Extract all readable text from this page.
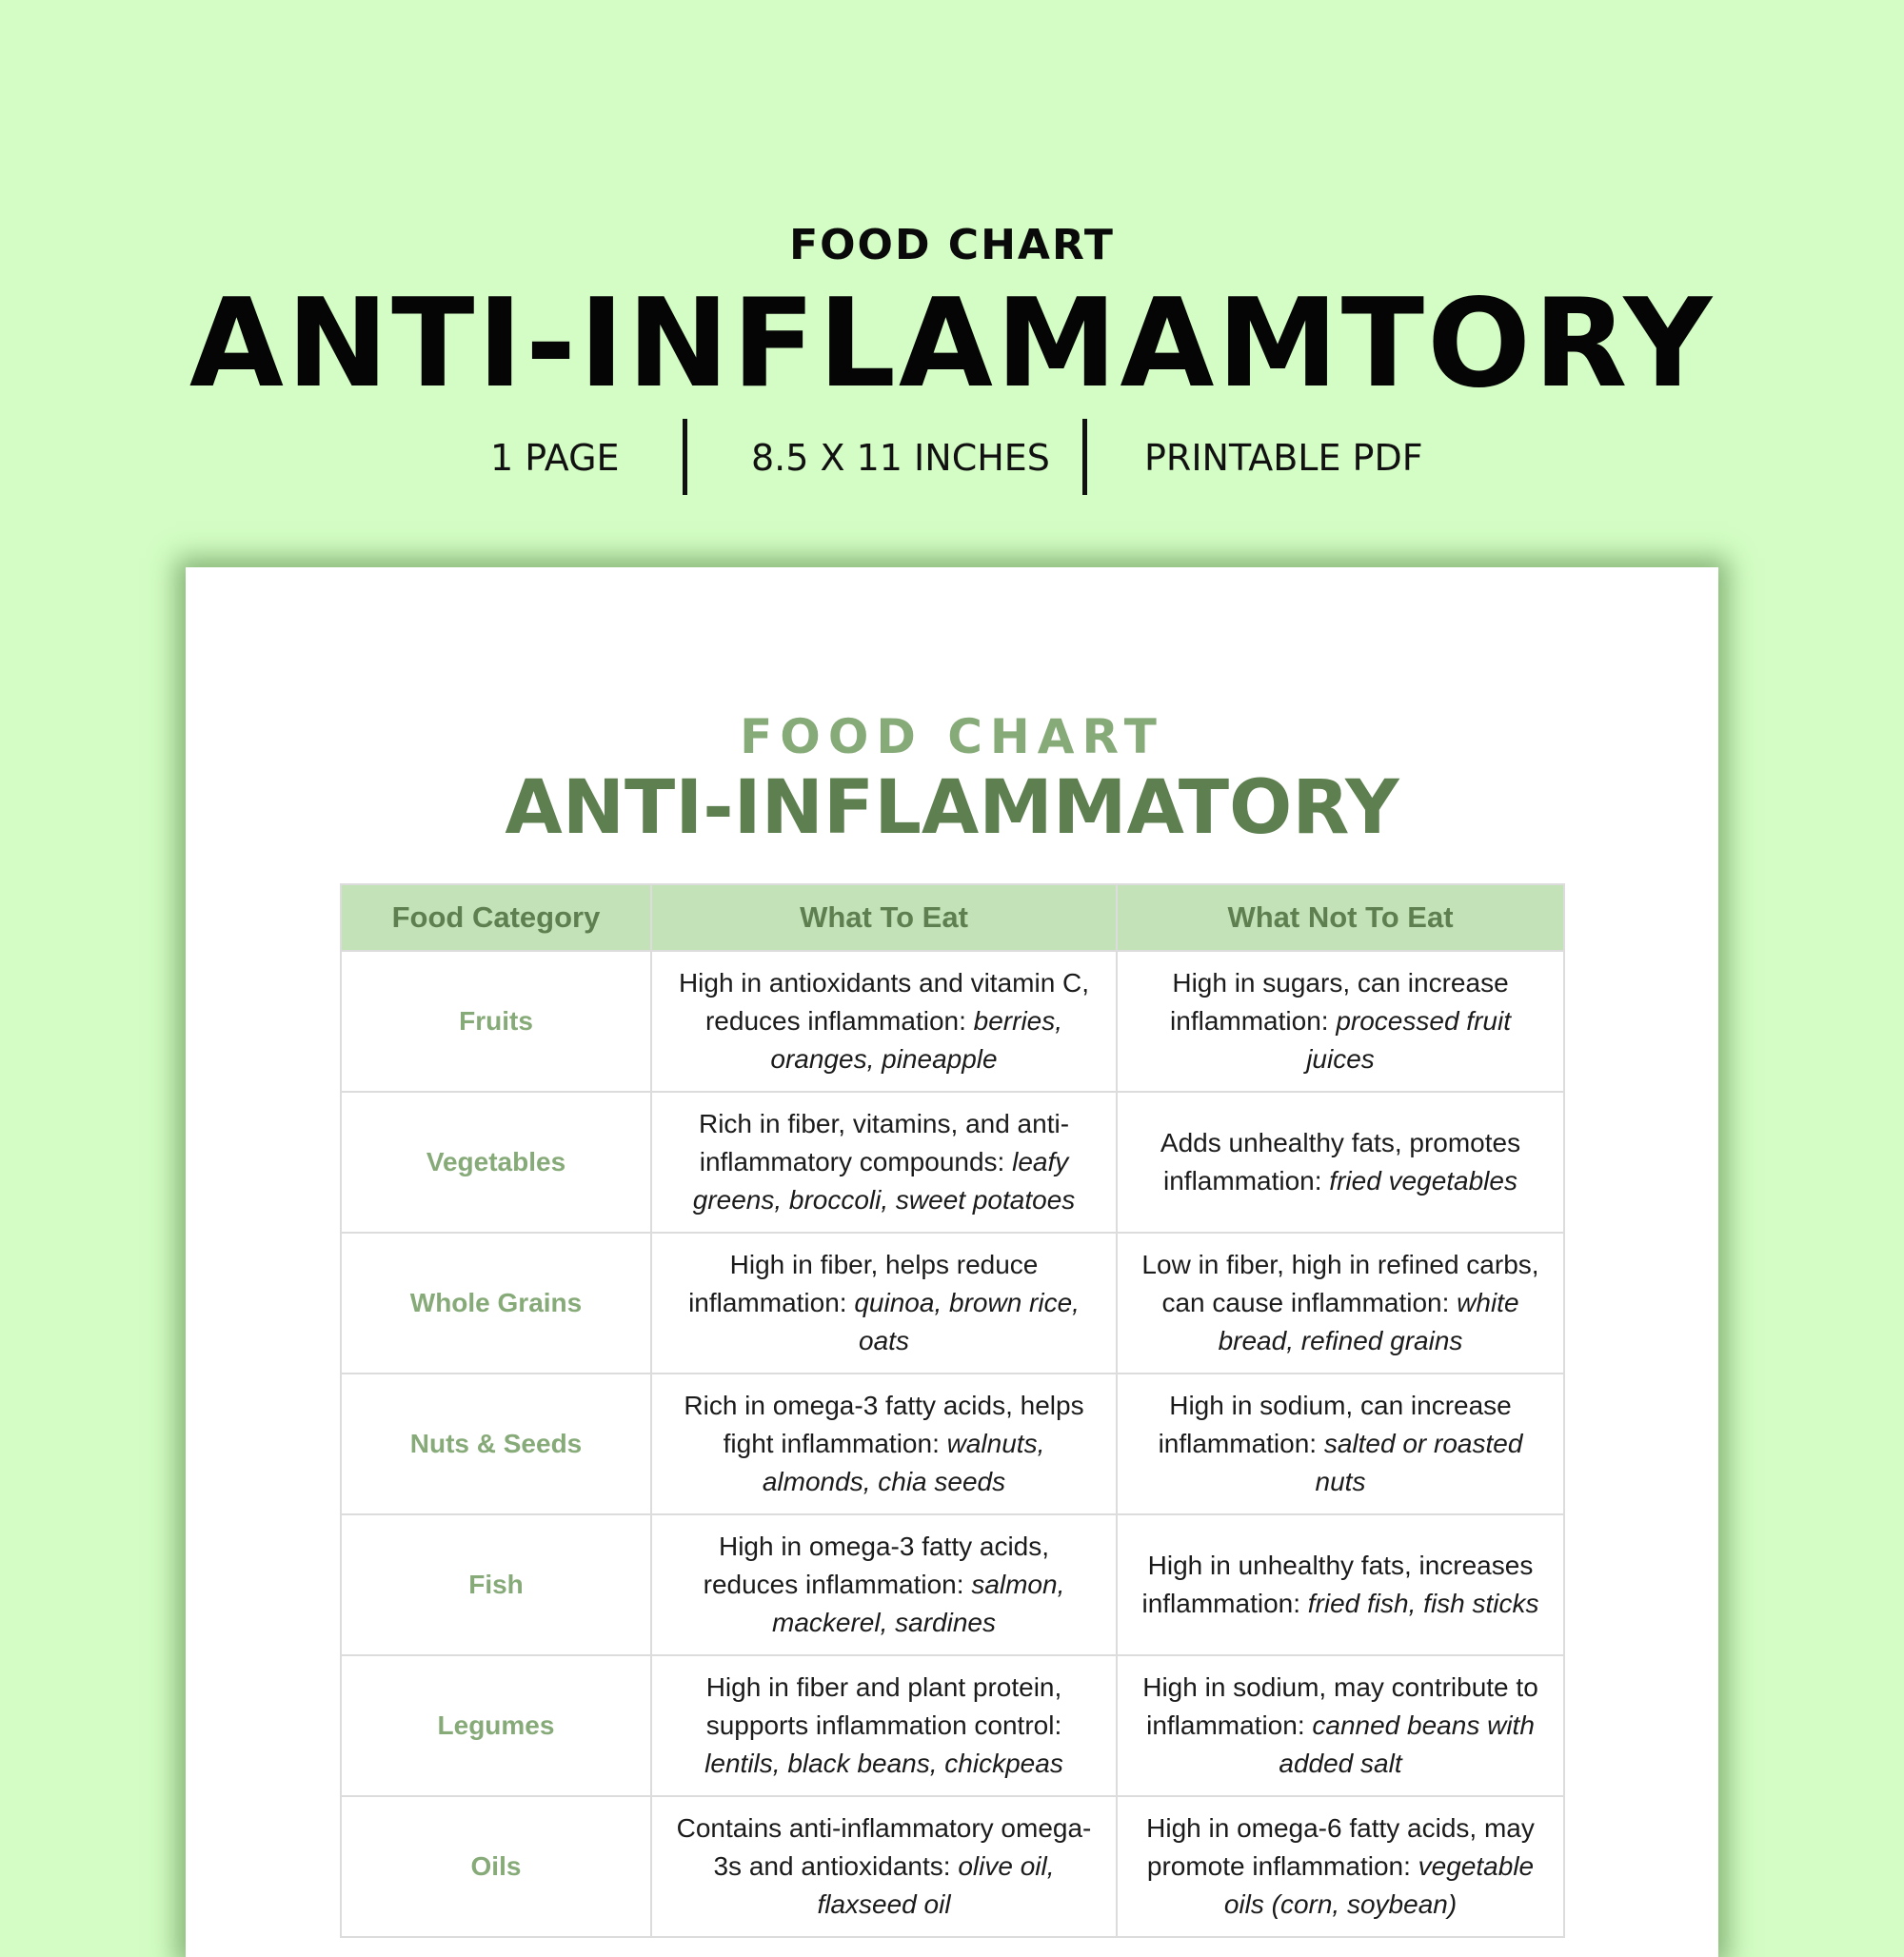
FOOD CHART
ANTI-INFLAMAMTORY
1 PAGE	8.5 X 11 INCHES	PRINTABLE PDF
FOOD CHART
ANTI-INFLAMMATORY
Food Category	What To Eat	What Not To Eat
Fruits	High in antioxidants and vitamin C, reduces inflammation: berries, oranges, pineapple	High in sugars, can increase inflammation: processed fruit juices
Vegetables	Rich in fiber, vitamins, and anti-inflammatory compounds: leafy greens, broccoli, sweet potatoes	Adds unhealthy fats, promotes inflammation: fried vegetables
Whole Grains	High in fiber, helps reduce inflammation: quinoa, brown rice, oats	Low in fiber, high in refined carbs, can cause inflammation: white bread, refined grains
Nuts & Seeds	Rich in omega-3 fatty acids, helps fight inflammation: walnuts, almonds, chia seeds	High in sodium, can increase inflammation: salted or roasted nuts
Fish	High in omega-3 fatty acids, reduces inflammation: salmon, mackerel, sardines	High in unhealthy fats, increases inflammation: fried fish, fish sticks
Legumes	High in fiber and plant protein, supports inflammation control: lentils, black beans, chickpeas	High in sodium, may contribute to inflammation: canned beans with added salt
Oils	Contains anti-inflammatory omega-3s and antioxidants: olive oil, flaxseed oil	High in omega-6 fatty acids, may promote inflammation: vegetable oils (corn, soybean)
